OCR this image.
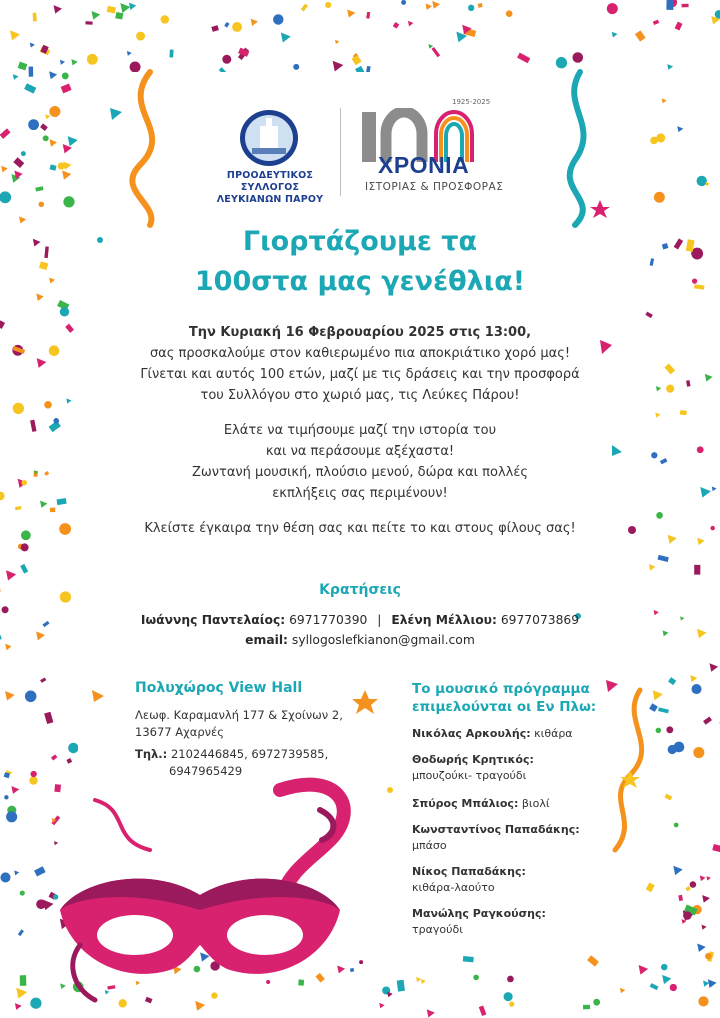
ΠΡΟΟΔΕΥΤΙΚΟΣ ΣΥΛΛΟΓΟΣ
ΛΕΥΚΙΑΝΩΝ ΠΑΡΟΥ
1925-2025
ΧΡΟΝΙΑ
ΙΣΤΟΡΙΑΣ & ΠΡΟΣΦΟΡΑΣ
Γιορτάζουμε τα
100στα μας γενέθλια!
Την Κυριακή 16 Φεβρουαρίου 2025 στις 13:00,
σας προσκαλούμε στον καθιερωμένο πια αποκριάτικο χορό μας!
Γίνεται και αυτός 100 ετών, μαζί με τις δράσεις και την προσφορά
του Συλλόγου στο χωριό μας, τις Λεύκες Πάρου!
Ελάτε να τιμήσουμε μαζί την ιστορία του
και να περάσουμε αξέχαστα!
Ζωντανή μουσική, πλούσιο μενού, δώρα και πολλές
εκπλήξεις σας περιμένουν!
Κλείστε έγκαιρα την θέση σας και πείτε το και στους φίλους σας!
Κρατήσεις
Ιωάννης Παντελαίος: 6971770390 | Ελένη Μέλλιου: 6977073869
email: syllogoslefkianon@gmail.com
Πολυχώρος View Hall
Λεωφ. Καραμανλή 177 & Σχοίνων 2,
13677 Αχαρνές
Τηλ.: 2102446845, 6972739585,
6947965429
Το μουσικό πρόγραμμα
επιμελούνται οι Εν Πλω:
Νικόλας Αρκουλής: κιθάρα
Θοδωρής Κρητικός:
μπουζούκι- τραγούδι
Σπύρος Μπάλιος: βιολί
Κωνσταντίνος Παπαδάκης:
μπάσο
Νίκος Παπαδάκης:
κιθάρα-λαούτο
Μανώλης Ραγκούσης:
τραγούδι
